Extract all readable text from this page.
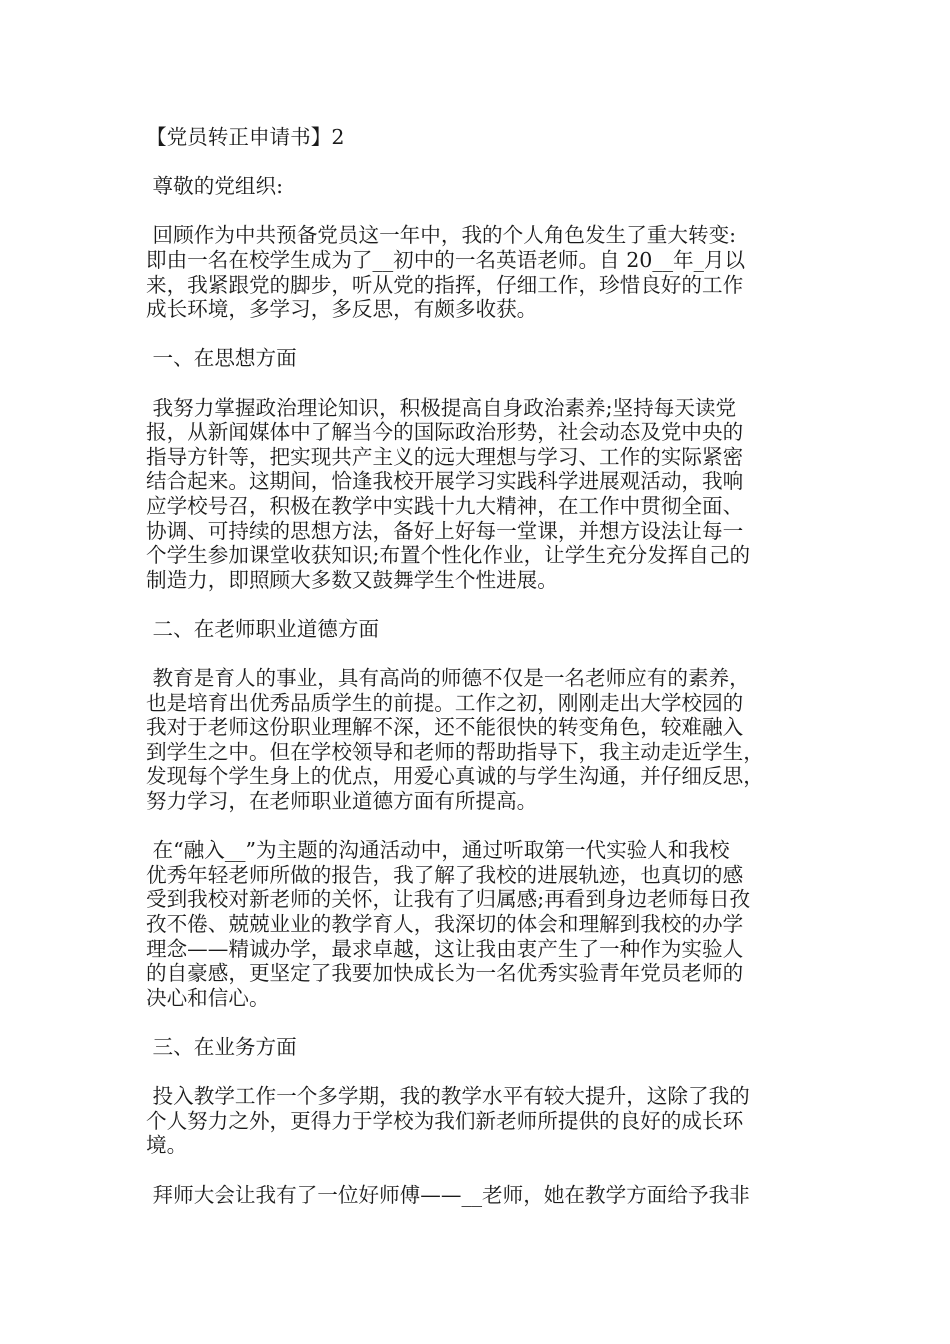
【党员转正申请书】2
尊敬的党组织:
回顾作为中共预备党员这一年中，我的个人角色发生了重大转变:
即由一名在校学生成为了__初中的一名英语老师。自 20__年_月以
来，我紧跟党的脚步，听从党的指挥，仔细工作，珍惜良好的工作
成长环境，多学习，多反思，有颇多收获。
一、在思想方面
我努力掌握政治理论知识，积极提高自身政治素养;坚持每天读党
报，从新闻媒体中了解当今的国际政治形势，社会动态及党中央的
指导方针等，把实现共产主义的远大理想与学习、工作的实际紧密
结合起来。这期间，恰逢我校开展学习实践科学进展观活动，我响
应学校号召，积极在教学中实践十九大精神，在工作中贯彻全面、
协调、可持续的思想方法，备好上好每一堂课，并想方设法让每一
个学生参加课堂收获知识;布置个性化作业，让学生充分发挥自己的
制造力，即照顾大多数又鼓舞学生个性进展。
二、在老师职业道德方面
教育是育人的事业，具有高尚的师德不仅是一名老师应有的素养，
也是培育出优秀品质学生的前提。工作之初，刚刚走出大学校园的
我对于老师这份职业理解不深，还不能很快的转变角色，较难融入
到学生之中。但在学校领导和老师的帮助指导下，我主动走近学生，
发现每个学生身上的优点，用爱心真诚的与学生沟通，并仔细反思，
努力学习，在老师职业道德方面有所提高。
在“融入__”为主题的沟通活动中，通过听取第一代实验人和我校
优秀年轻老师所做的报告，我了解了我校的进展轨迹，也真切的感
受到我校对新老师的关怀，让我有了归属感;再看到身边老师每日孜
孜不倦、兢兢业业的教学育人，我深切的体会和理解到我校的办学
理念——精诚办学，最求卓越，这让我由衷产生了一种作为实验人
的自豪感，更坚定了我要加快成长为一名优秀实验青年党员老师的
决心和信心。
三、在业务方面
投入教学工作一个多学期，我的教学水平有较大提升，这除了我的
个人努力之外，更得力于学校为我们新老师所提供的良好的成长环
境。
拜师大会让我有了一位好师傅——__老师，她在教学方面给予我非
